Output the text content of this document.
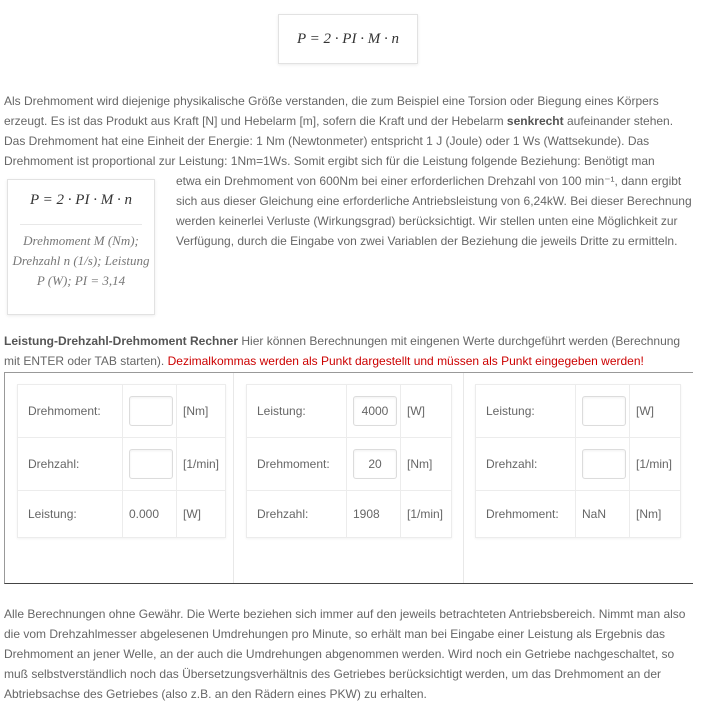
P = 2 · PI · M · n

Als Drehmoment wird diejenige physikalische Größe verstanden, die zum Beispiel eine Torsion oder Biegung eines Körpers erzeugt. Es ist das Produkt aus Kraft [N] und Hebelarm [m], sofern die Kraft und der Hebelarm senkrecht aufeinander stehen. Das Drehmoment hat eine Einheit der Energie: 1 Nm (Newtonmeter) entspricht 1 J (Joule) oder 1 Ws (Wattsekunde). Das Drehmoment ist proportional zur Leistung: 1Nm=1Ws. Somit ergibt sich für die Leistung folgende Beziehung: Benötigt man

P = 2 · PI · M · n
Drehmoment M (Nm); Drehzahl n (1/s); Leistung P (W); PI = 3,14

etwa ein Drehmoment von 600Nm bei einer erforderlichen Drehzahl von 100 min⁻¹, dann ergibt sich aus dieser Gleichung eine erforderliche Antriebsleistung von 6,24kW. Bei dieser Berechnung werden keinerlei Verluste (Wirkungsgrad) berücksichtigt. Wir stellen unten eine Möglichkeit zur Verfügung, durch die Eingabe von zwei Variablen der Beziehung die jeweils Dritte zu ermitteln.

Leistung-Drehzahl-Drehmoment Rechner Hier können Berechnungen mit eingenen Werte durchgeführt werden (Berechnung mit ENTER oder TAB starten). Dezimalkommas werden als Punkt dargestellt und müssen als Punkt eingegeben werden!

Drehmoment:		[Nm]
Drehzahl:		[1/min]
Leistung:	0.000	[W]
Leistung:	4000	[W]
Drehmoment:	20	[Nm]
Drehzahl:	1908	[1/min]
Leistung:		[W]
Drehzahl:		[1/min]
Drehmoment:	NaN	[Nm]

Alle Berechnungen ohne Gewähr. Die Werte beziehen sich immer auf den jeweils betrachteten Antriebsbereich. Nimmt man also die vom Drehzahlmesser abgelesenen Umdrehungen pro Minute, so erhält man bei Eingabe einer Leistung als Ergebnis das Drehmoment an jener Welle, an der auch die Umdrehungen abgenommen werden. Wird noch ein Getriebe nachgeschaltet, so muß selbstverständlich noch das Übersetzungsverhältnis des Getriebes berücksichtigt werden, um das Drehmoment an der Abtriebsachse des Getriebes (also z.B. an den Rädern eines PKW) zu erhalten.
